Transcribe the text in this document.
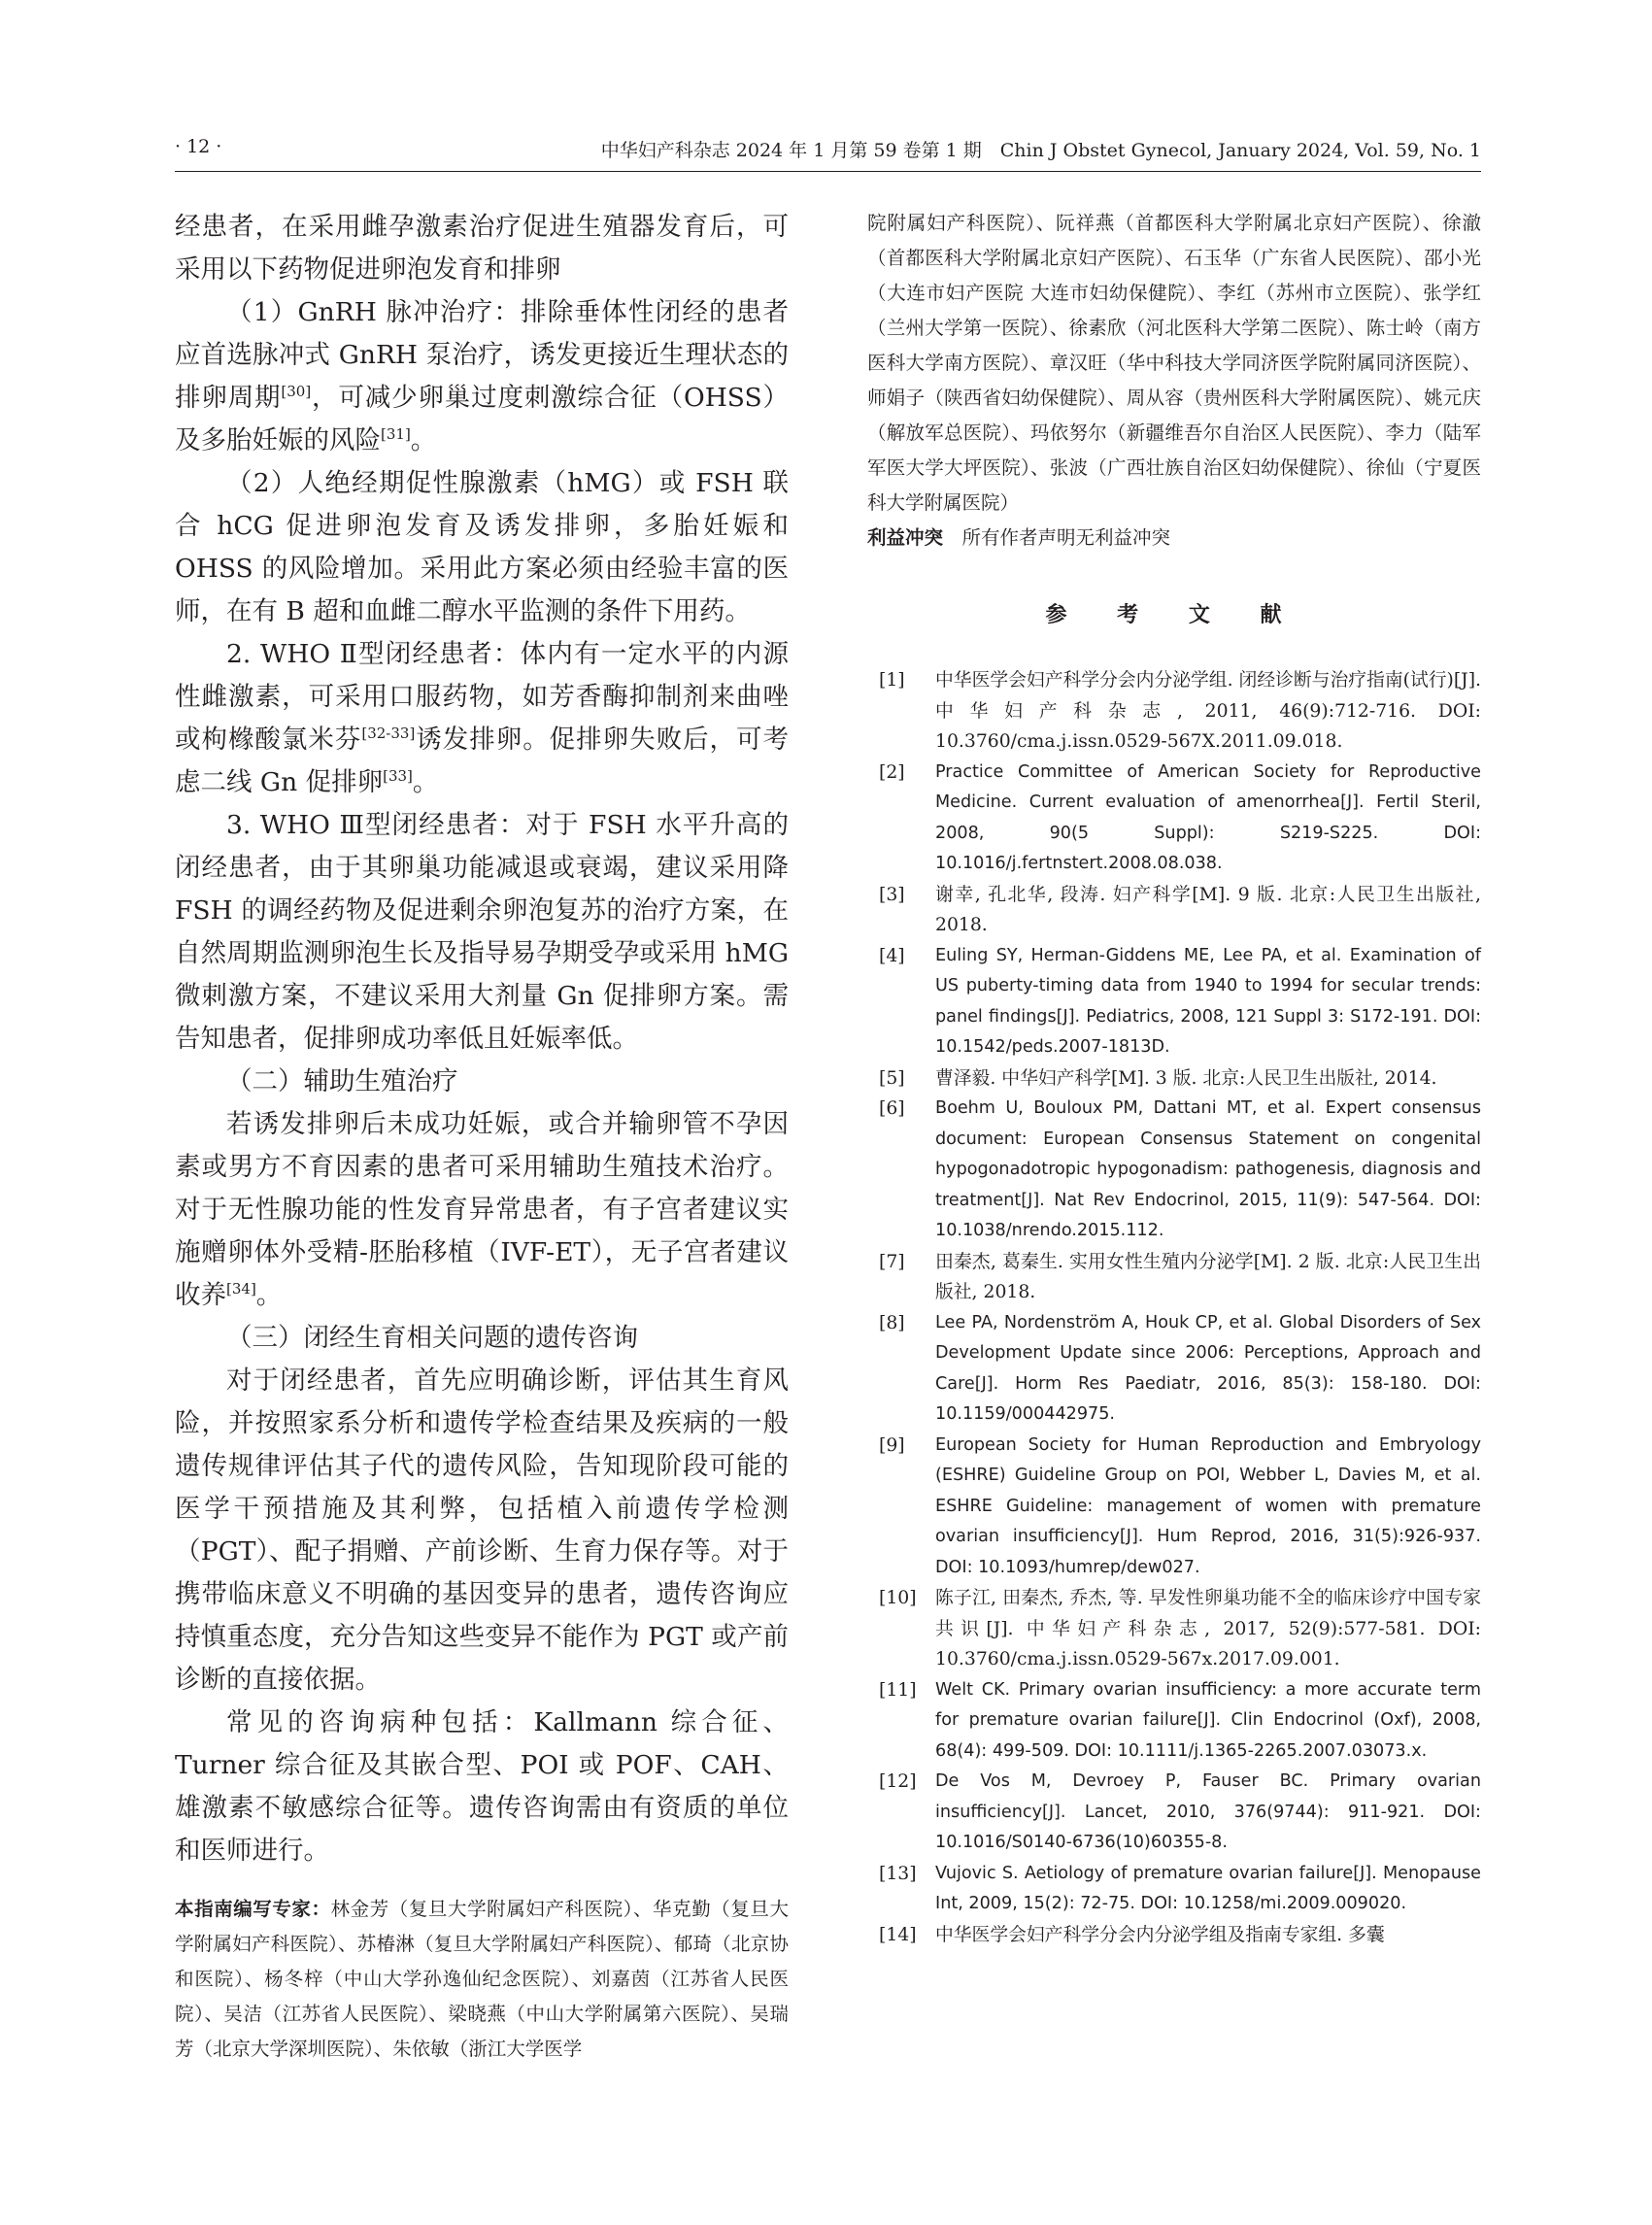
· 12 ·	中华妇产科杂志 2024 年 1 月第 59 卷第 1 期　Chin J Obstet Gynecol, January 2024, Vol. 59, No. 1

经患者，在采用雌孕激素治疗促进生殖器发育后，可采用以下药物促进卵泡发育和排卵

（1）GnRH 脉冲治疗：排除垂体性闭经的患者应首选脉冲式 GnRH 泵治疗，诱发更接近生理状态的排卵周期[30]，可减少卵巢过度刺激综合征（OHSS）及多胎妊娠的风险[31]。

（2）人绝经期促性腺激素（hMG）或 FSH 联合 hCG 促进卵泡发育及诱发排卵，多胎妊娠和 OHSS 的风险增加。采用此方案必须由经验丰富的医师，在有 B 超和血雌二醇水平监测的条件下用药。

2. WHO Ⅱ型闭经患者：体内有一定水平的内源性雌激素，可采用口服药物，如芳香酶抑制剂来曲唑或枸橼酸氯米芬[32-33]诱发排卵。促排卵失败后，可考虑二线 Gn 促排卵[33]。

3. WHO Ⅲ型闭经患者：对于 FSH 水平升高的闭经患者，由于其卵巢功能减退或衰竭，建议采用降 FSH 的调经药物及促进剩余卵泡复苏的治疗方案，在自然周期监测卵泡生长及指导易孕期受孕或采用 hMG 微刺激方案，不建议采用大剂量 Gn 促排卵方案。需告知患者，促排卵成功率低且妊娠率低。

（二）辅助生殖治疗

若诱发排卵后未成功妊娠，或合并输卵管不孕因素或男方不育因素的患者可采用辅助生殖技术治疗。对于无性腺功能的性发育异常患者，有子宫者建议实施赠卵体外受精-胚胎移植（IVF-ET），无子宫者建议收养[34]。

（三）闭经生育相关问题的遗传咨询

对于闭经患者，首先应明确诊断，评估其生育风险，并按照家系分析和遗传学检查结果及疾病的一般遗传规律评估其子代的遗传风险，告知现阶段可能的医学干预措施及其利弊，包括植入前遗传学检测（PGT）、配子捐赠、产前诊断、生育力保存等。对于携带临床意义不明确的基因变异的患者，遗传咨询应持慎重态度，充分告知这些变异不能作为 PGT 或产前诊断的直接依据。

常见的咨询病种包括：Kallmann 综合征、Turner 综合征及其嵌合型、POI 或 POF、CAH、雄激素不敏感综合征等。遗传咨询需由有资质的单位和医师进行。

本指南编写专家：林金芳（复旦大学附属妇产科医院）、华克勤（复旦大学附属妇产科医院）、苏椿淋（复旦大学附属妇产科医院）、郁琦（北京协和医院）、杨冬梓（中山大学孙逸仙纪念医院）、刘嘉茵（江苏省人民医院）、吴洁（江苏省人民医院）、梁晓燕（中山大学附属第六医院）、吴瑞芳（北京大学深圳医院）、朱依敏（浙江大学医学

院附属妇产科医院）、阮祥燕（首都医科大学附属北京妇产医院）、徐澈（首都医科大学附属北京妇产医院）、石玉华（广东省人民医院）、邵小光（大连市妇产医院 大连市妇幼保健院）、李红（苏州市立医院）、张学红（兰州大学第一医院）、徐素欣（河北医科大学第二医院）、陈士岭（南方医科大学南方医院）、章汉旺（华中科技大学同济医学院附属同济医院）、师娟子（陕西省妇幼保健院）、周从容（贵州医科大学附属医院）、姚元庆（解放军总医院）、玛依努尔（新疆维吾尔自治区人民医院）、李力（陆军军医大学大坪医院）、张波（广西壮族自治区妇幼保健院）、徐仙（宁夏医科大学附属医院）

利益冲突　 所有作者声明无利益冲突

参 考 文 献
[1]	中华医学会妇产科学分会内分泌学组. 闭经诊断与治疗指南(试行)[J]. 中华妇产科杂志, 2011, 46(9):712-716. DOI: 10.3760/cma.j.issn.0529-567X.2011.09.018.
[2]	Practice Committee of American Society for Reproductive Medicine. Current evaluation of amenorrhea[J]. Fertil Steril, 2008, 90(5 Suppl): S219-S225. DOI: 10.1016/j.fertnstert.2008.08.038.
[3]	谢幸, 孔北华, 段涛. 妇产科学[M]. 9 版. 北京:人民卫生出版社, 2018.
[4]	Euling SY, Herman-Giddens ME, Lee PA, et al. Examination of US puberty-timing data from 1940 to 1994 for secular trends: panel findings[J]. Pediatrics, 2008, 121 Suppl 3: S172-191. DOI: 10.1542/peds.2007-1813D.
[5]	曹泽毅. 中华妇产科学[M]. 3 版. 北京:人民卫生出版社, 2014.
[6]	Boehm U, Bouloux PM, Dattani MT, et al. Expert consensus document: European Consensus Statement on congenital hypogonadotropic hypogonadism: pathogenesis, diagnosis and treatment[J]. Nat Rev Endocrinol, 2015, 11(9): 547-564. DOI: 10.1038/nrendo.2015.112.
[7]	田秦杰, 葛秦生. 实用女性生殖内分泌学[M]. 2 版. 北京:人民卫生出版社, 2018.
[8]	Lee PA, Nordenström A, Houk CP, et al. Global Disorders of Sex Development Update since 2006: Perceptions, Approach and Care[J]. Horm Res Paediatr, 2016, 85(3): 158-180. DOI: 10.1159/000442975.
[9]	European Society for Human Reproduction and Embryology (ESHRE) Guideline Group on POI, Webber L, Davies M, et al. ESHRE Guideline: management of women with premature ovarian insufficiency[J]. Hum Reprod, 2016, 31(5):926-937. DOI: 10.1093/humrep/dew027.
[10]	陈子江, 田秦杰, 乔杰, 等. 早发性卵巢功能不全的临床诊疗中国专家共识[J]. 中华妇产科杂志, 2017, 52(9):577-581. DOI: 10.3760/cma.j.issn.0529-567x.2017.09.001.
[11]	Welt CK. Primary ovarian insufficiency: a more accurate term for premature ovarian failure[J]. Clin Endocrinol (Oxf), 2008, 68(4): 499-509. DOI: 10.1111/j.1365-2265.2007.03073.x.
[12]	De Vos M, Devroey P, Fauser BC. Primary ovarian insufficiency[J]. Lancet, 2010, 376(9744): 911-921. DOI: 10.1016/S0140-6736(10)60355-8.
[13]	Vujovic S. Aetiology of premature ovarian failure[J]. Menopause Int, 2009, 15(2): 72-75. DOI: 10.1258/mi.2009.009020.
[14]	中华医学会妇产科学分会内分泌学组及指南专家组. 多囊
